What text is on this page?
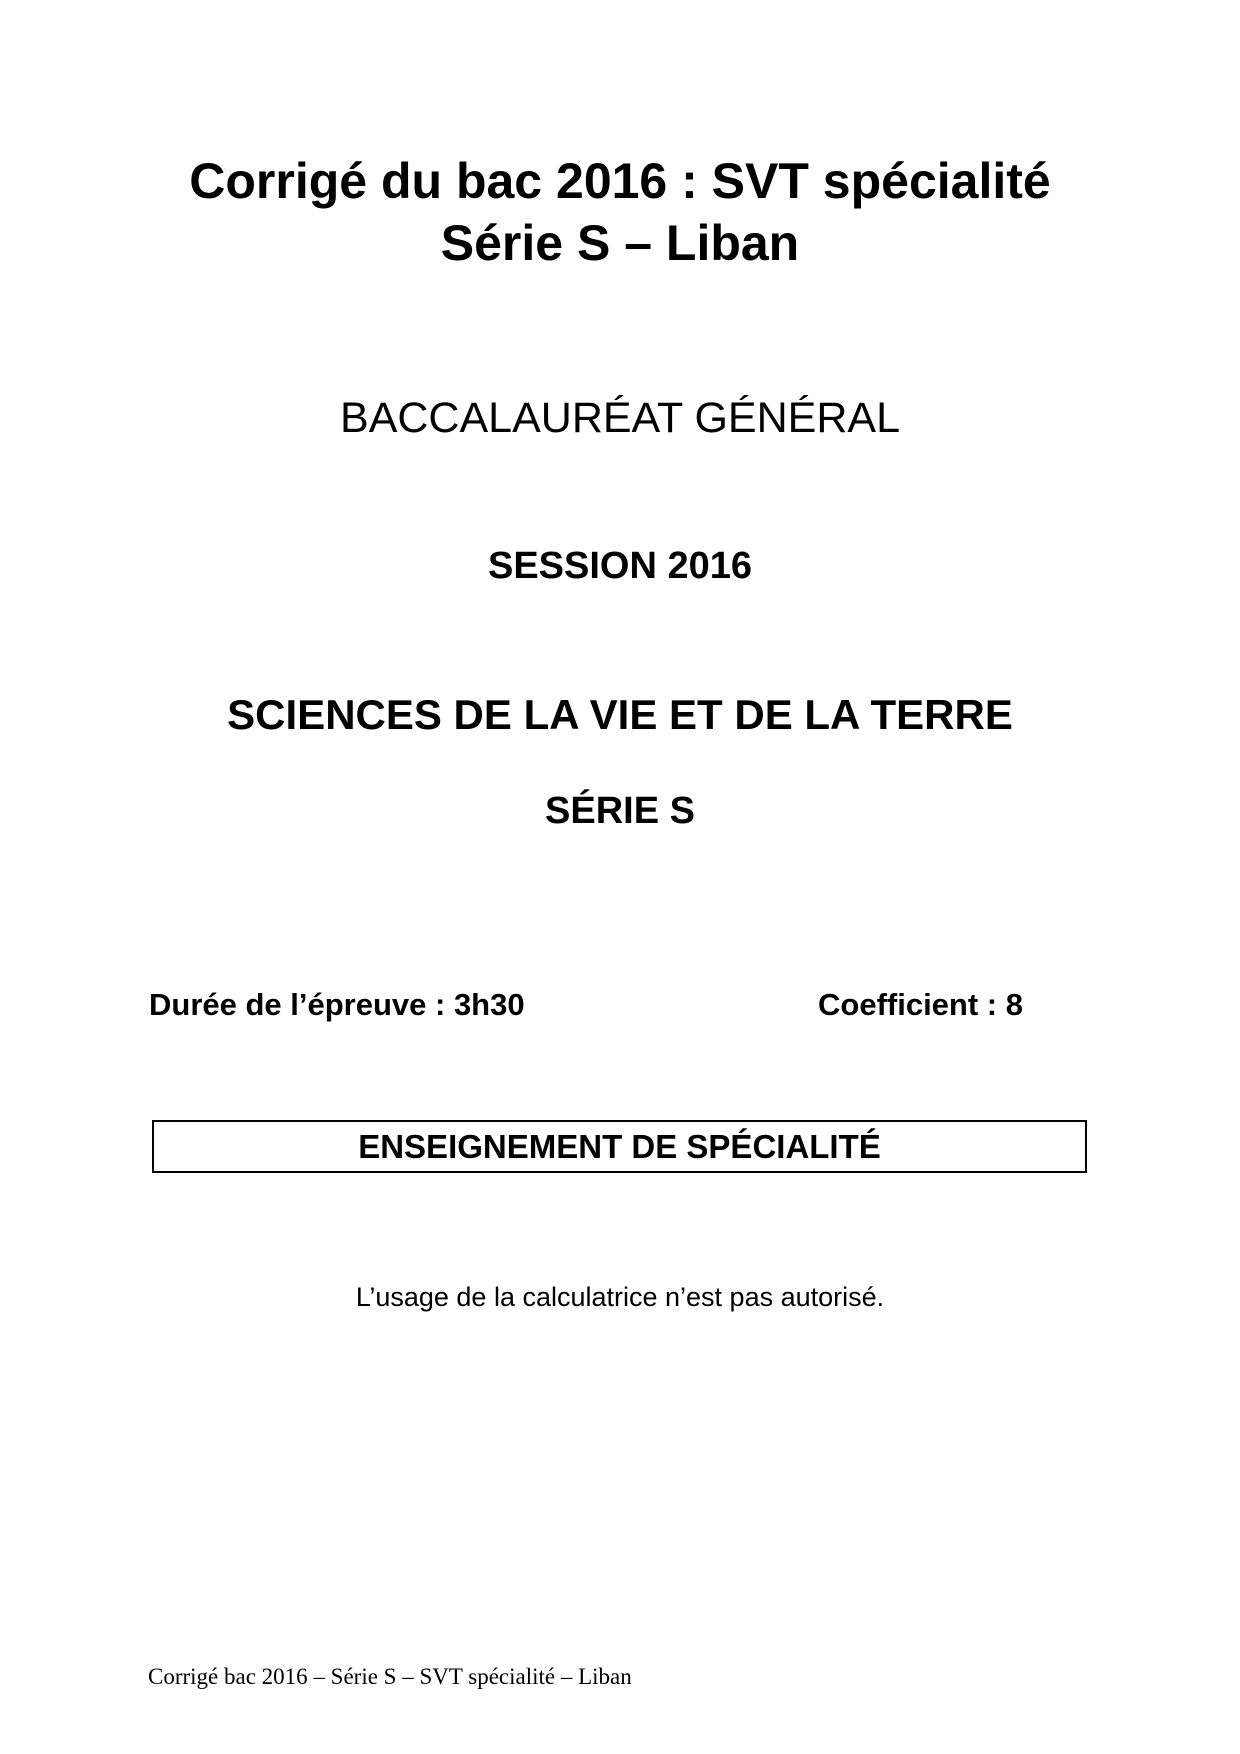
Corrigé du bac 2016 : SVT spécialité
Série S – Liban
BACCALAURÉAT GÉNÉRAL
SESSION 2016
SCIENCES DE LA VIE ET DE LA TERRE
SÉRIE S
Durée de l’épreuve : 3h30	Coefficient : 8
ENSEIGNEMENT DE SPÉCIALITÉ
L’usage de la calculatrice n’est pas autorisé.
Corrigé bac 2016 – Série S – SVT spécialité – Liban
